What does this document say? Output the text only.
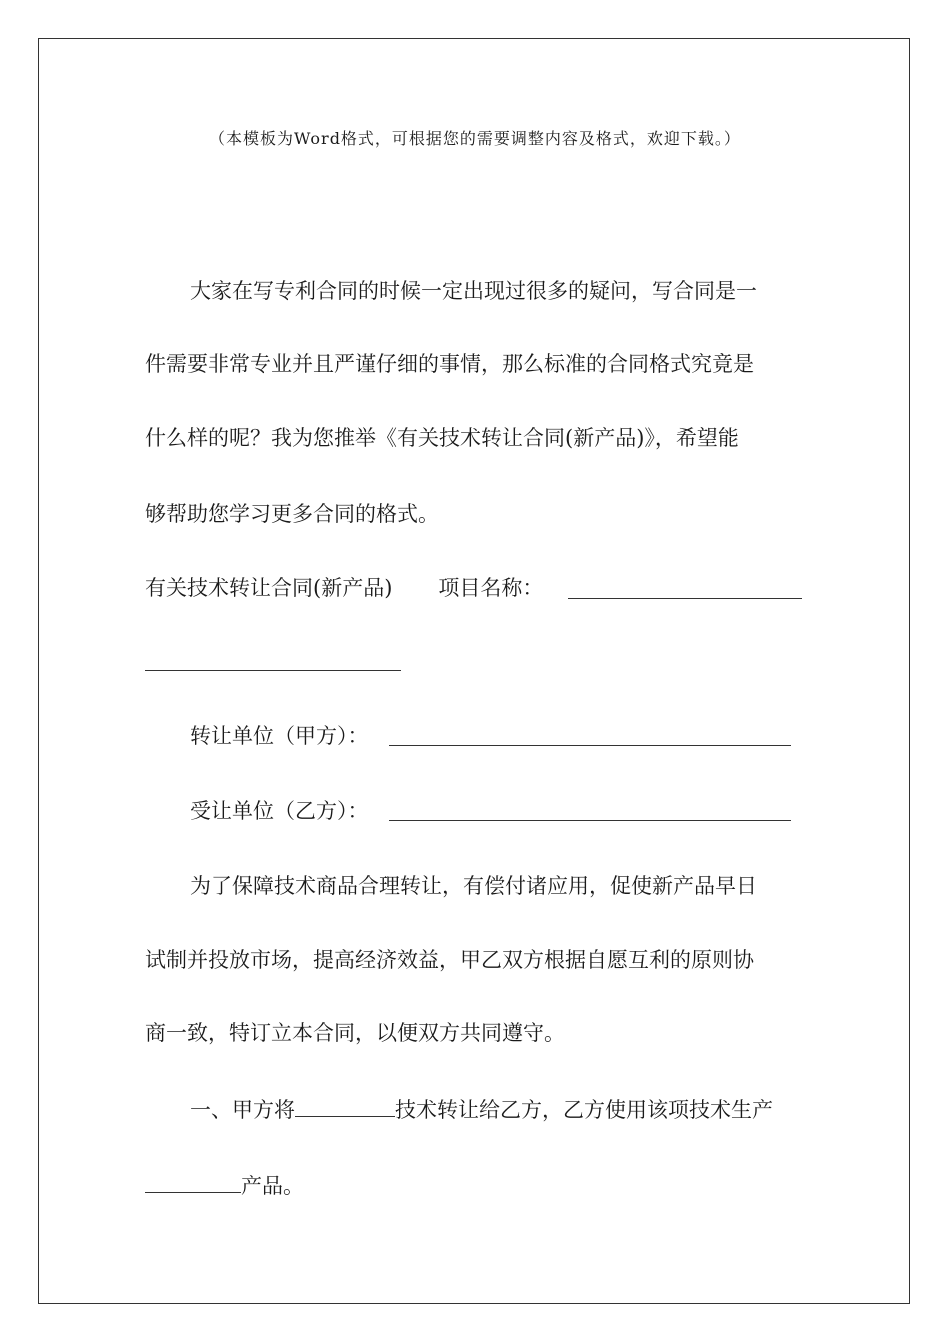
（本模板为Word格式，可根据您的需要调整内容及格式，欢迎下载。）
大家在写专利合同的时候一定出现过很多的疑问，写合同是一
件需要非常专业并且严谨仔细的事情，那么标准的合同格式究竟是
什么样的呢？我为您推举《有关技术转让合同(新产品)》，希望能
够帮助您学习更多合同的格式。
有关技术转让合同(新产品) 项目名称：
转让单位（甲方）：
受让单位（乙方）：
为了保障技术商品合理转让，有偿付诸应用，促使新产品早日
试制并投放市场，提高经济效益，甲乙双方根据自愿互利的原则协
商一致，特订立本合同，以便双方共同遵守。
一、甲方将	技术转让给乙方，乙方使用该项技术生产
产品。
